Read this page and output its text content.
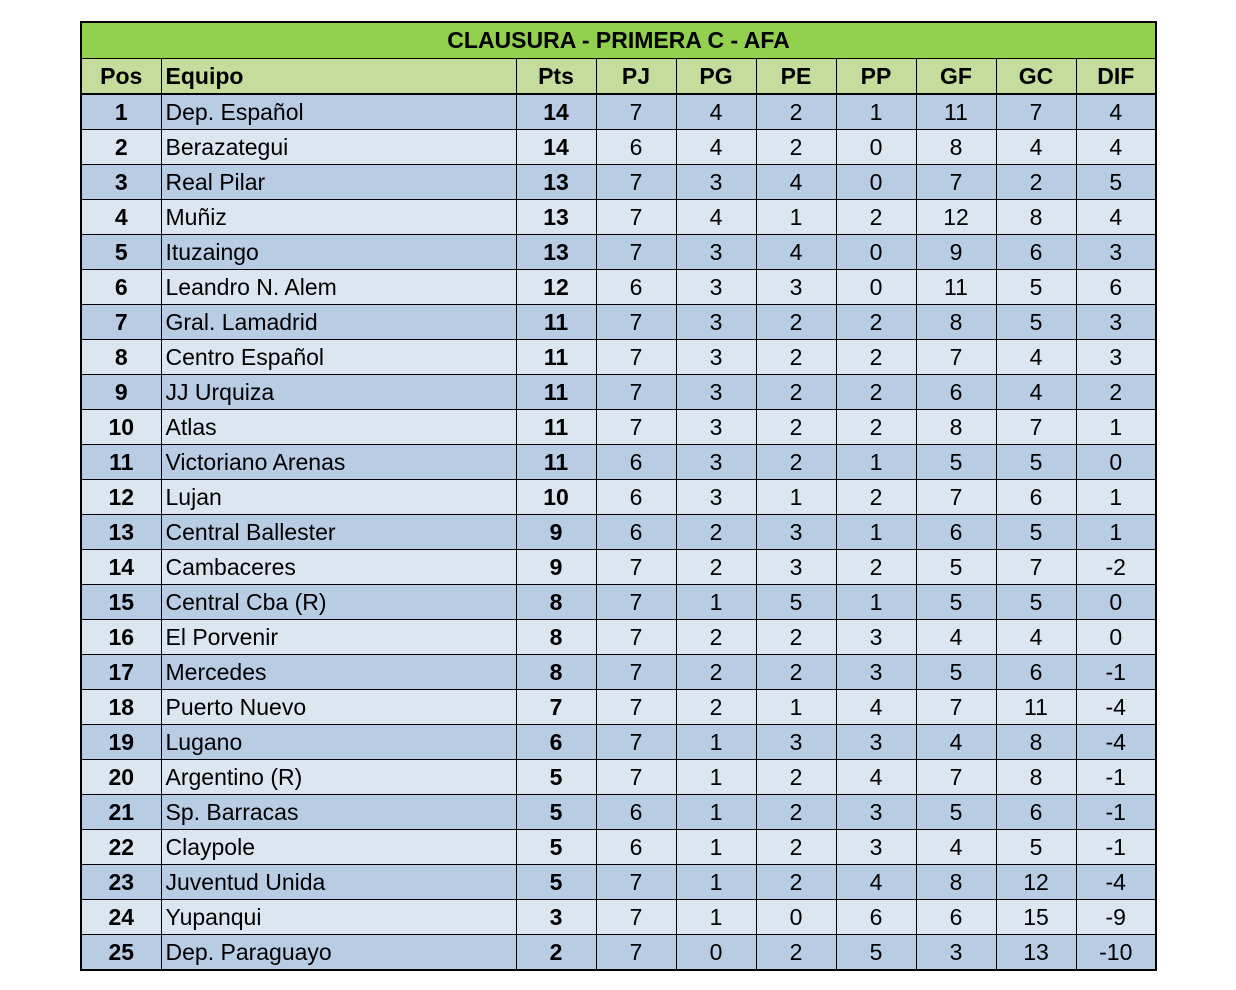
CLAUSURA - PRIMERA C - AFA									
Pos	Equipo	Pts	PJ	PG	PE	PP	GF	GC	DIF
1	Dep. Español	14	7	4	2	1	11	7	4
2	Berazategui	14	6	4	2	0	8	4	4
3	Real Pilar	13	7	3	4	0	7	2	5
4	Muñiz	13	7	4	1	2	12	8	4
5	Ituzaingo	13	7	3	4	0	9	6	3
6	Leandro N. Alem	12	6	3	3	0	11	5	6
7	Gral. Lamadrid	11	7	3	2	2	8	5	3
8	Centro Español	11	7	3	2	2	7	4	3
9	JJ Urquiza	11	7	3	2	2	6	4	2
10	Atlas	11	7	3	2	2	8	7	1
11	Victoriano Arenas	11	6	3	2	1	5	5	0
12	Lujan	10	6	3	1	2	7	6	1
13	Central Ballester	9	6	2	3	1	6	5	1
14	Cambaceres	9	7	2	3	2	5	7	-2
15	Central Cba (R)	8	7	1	5	1	5	5	0
16	El Porvenir	8	7	2	2	3	4	4	0
17	Mercedes	8	7	2	2	3	5	6	-1
18	Puerto Nuevo	7	7	2	1	4	7	11	-4
19	Lugano	6	7	1	3	3	4	8	-4
20	Argentino (R)	5	7	1	2	4	7	8	-1
21	Sp. Barracas	5	6	1	2	3	5	6	-1
22	Claypole	5	6	1	2	3	4	5	-1
23	Juventud Unida	5	7	1	2	4	8	12	-4
24	Yupanqui	3	7	1	0	6	6	15	-9
25	Dep. Paraguayo	2	7	0	2	5	3	13	-10
